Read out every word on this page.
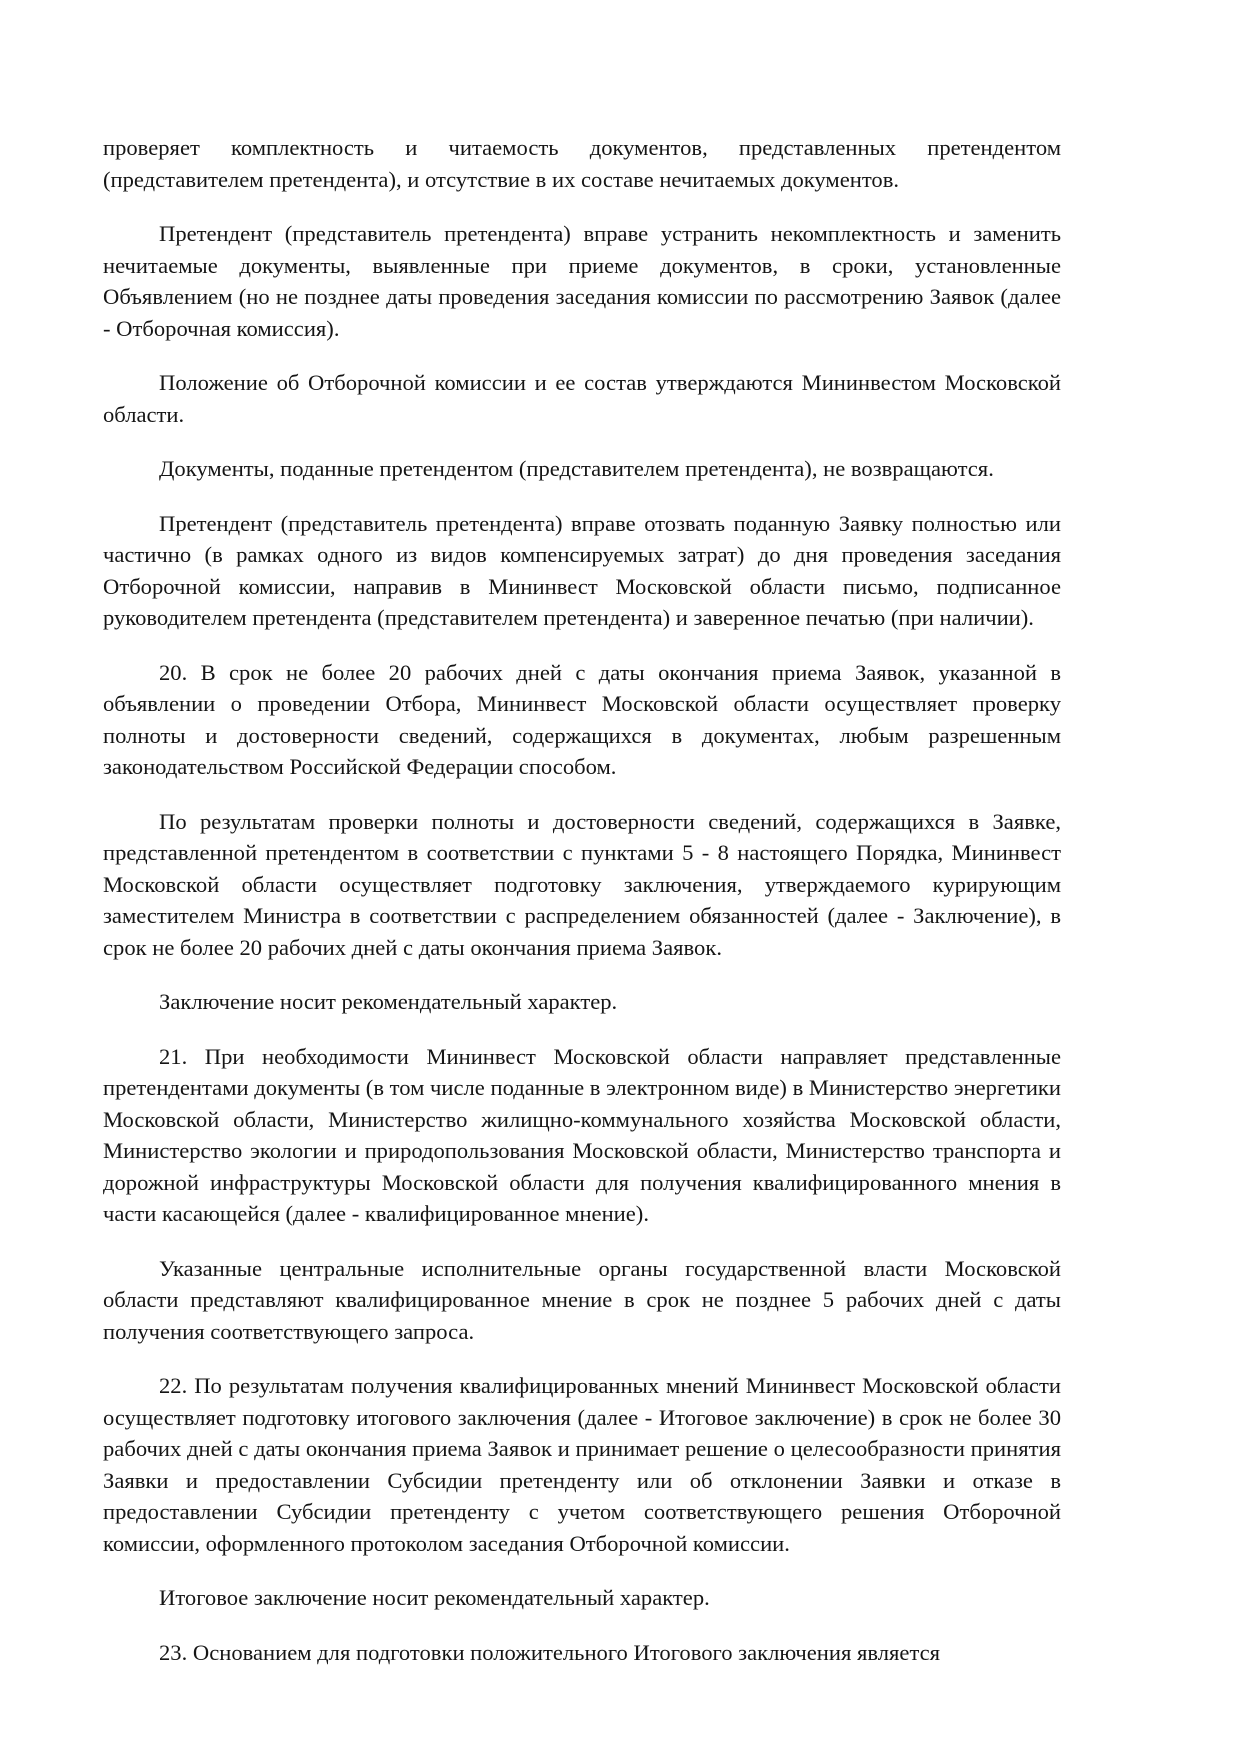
проверяет комплектность и читаемость документов, представленных претендентом (представителем претендента), и отсутствие в их составе нечитаемых документов.

Претендент (представитель претендента) вправе устранить некомплектность и заменить нечитаемые документы, выявленные при приеме документов, в сроки, установленные Объявлением (но не позднее даты проведения заседания комиссии по рассмотрению Заявок (далее - Отборочная комиссия).

Положение об Отборочной комиссии и ее состав утверждаются Мининвестом Московской области.

Документы, поданные претендентом (представителем претендента), не возвращаются.

Претендент (представитель претендента) вправе отозвать поданную Заявку полностью или частично (в рамках одного из видов компенсируемых затрат) до дня проведения заседания Отборочной комиссии, направив в Мининвест Московской области письмо, подписанное руководителем претендента (представителем претендента) и заверенное печатью (при наличии).

20. В срок не более 20 рабочих дней с даты окончания приема Заявок, указанной в объявлении о проведении Отбора, Мининвест Московской области осуществляет проверку полноты и достоверности сведений, содержащихся в документах, любым разрешенным законодательством Российской Федерации способом.

По результатам проверки полноты и достоверности сведений, содержащихся в Заявке, представленной претендентом в соответствии с пунктами 5 - 8 настоящего Порядка, Мининвест Московской области осуществляет подготовку заключения, утверждаемого курирующим заместителем Министра в соответствии с распределением обязанностей (далее - Заключение), в срок не более 20 рабочих дней с даты окончания приема Заявок.

Заключение носит рекомендательный характер.

21. При необходимости Мининвест Московской области направляет представленные претендентами документы (в том числе поданные в электронном виде) в Министерство энергетики Московской области, Министерство жилищно-коммунального хозяйства Московской области, Министерство экологии и природопользования Московской области, Министерство транспорта и дорожной инфраструктуры Московской области для получения квалифицированного мнения в части касающейся (далее - квалифицированное мнение).

Указанные центральные исполнительные органы государственной власти Московской области представляют квалифицированное мнение в срок не позднее 5 рабочих дней с даты получения соответствующего запроса.

22. По результатам получения квалифицированных мнений Мининвест Московской области осуществляет подготовку итогового заключения (далее - Итоговое заключение) в срок не более 30 рабочих дней с даты окончания приема Заявок и принимает решение о целесообразности принятия Заявки и предоставлении Субсидии претенденту или об отклонении Заявки и отказе в предоставлении Субсидии претенденту с учетом соответствующего решения Отборочной комиссии, оформленного протоколом заседания Отборочной комиссии.

Итоговое заключение носит рекомендательный характер.

23. Основанием для подготовки положительного Итогового заключения является
